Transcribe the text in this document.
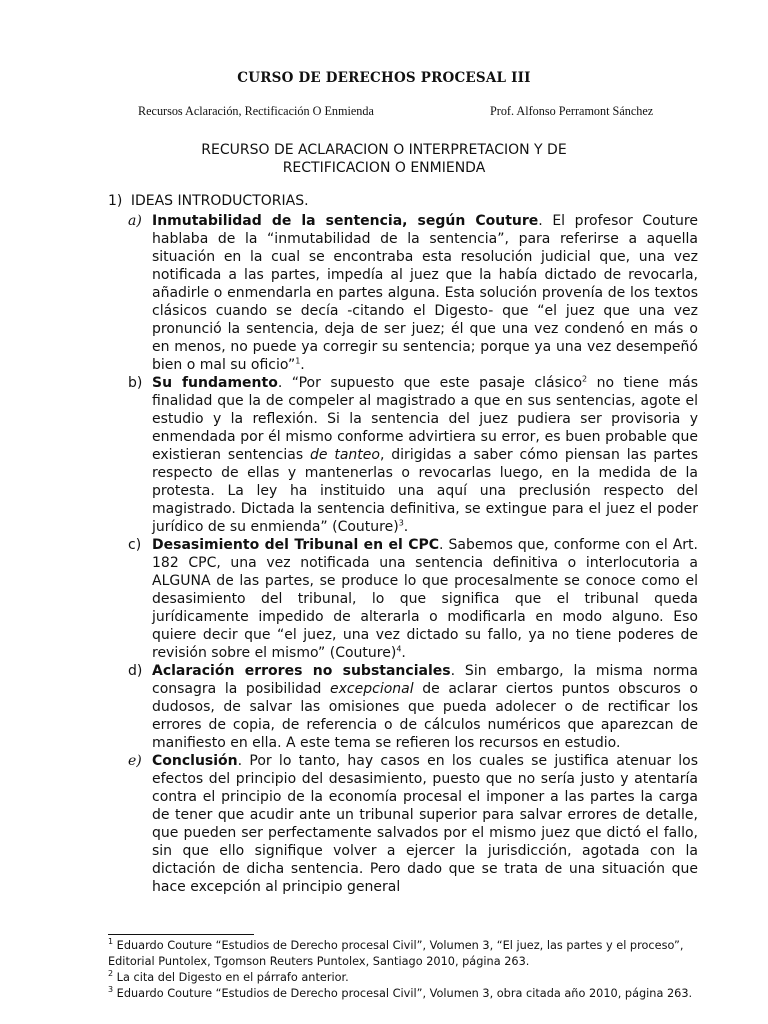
CURSO DE DERECHOS PROCESAL III
Recursos Aclaración, Rectificación O Enmienda	Prof. Alfonso Perramont Sánchez
RECURSO DE ACLARACION O INTERPRETACION Y DE
RECTIFICACION O ENMIENDA
1) IDEAS INTRODUCTORIAS.
a) Inmutabilidad de la sentencia, según Couture. El profesor Couture hablaba de la “inmutabilidad de la sentencia”, para referirse a aquella situación en la cual se encontraba esta resolución judicial que, una vez notificada a las partes, impedía al juez que la había dictado de revocarla, añadirle o enmendarla en partes alguna. Esta solución provenía de los textos clásicos cuando se decía -citando el Digesto- que “el juez que una vez pronunció la sentencia, deja de ser juez; él que una vez condenó en más o en menos, no puede ya corregir su sentencia; porque ya una vez desempeñó bien o mal su oficio”$^1$.
b) Su fundamento. “Por supuesto que este pasaje clásico$^2$ no tiene más finalidad que la de compeler al magistrado a que en sus sentencias, agote el estudio y la reflexión. Si la sentencia del juez pudiera ser provisoria y enmendada por él mismo conforme advirtiera su error, es buen probable que existieran sentencias de tanteo, dirigidas a saber cómo piensan las partes respecto de ellas y mantenerlas o revocarlas luego, en la medida de la protesta. La ley ha instituido una aquí una preclusión respecto del magistrado. Dictada la sentencia definitiva, se extingue para el juez el poder jurídico de su enmienda” (Couture)$^3$.
c) Desasimiento del Tribunal en el CPC. Sabemos que, conforme con el Art. 182 CPC, una vez notificada una sentencia definitiva o interlocutoria a ALGUNA de las partes, se produce lo que procesalmente se conoce como el desasimiento del tribunal, lo que significa que el tribunal queda jurídicamente impedido de alterarla o modificarla en modo alguno. Eso quiere decir que “el juez, una vez dictado su fallo, ya no tiene poderes de revisión sobre el mismo” (Couture)$^4$.
d) Aclaración errores no substanciales. Sin embargo, la misma norma consagra la posibilidad excepcional de aclarar ciertos puntos obscuros o dudosos, de salvar las omisiones que pueda adolecer o de rectificar los errores de copia, de referencia o de cálculos numéricos que aparezcan de manifiesto en ella. A este tema se refieren los recursos en estudio.
e) Conclusión. Por lo tanto, hay casos en los cuales se justifica atenuar los efectos del principio del desasimiento, puesto que no sería justo y atentaría contra el principio de la economía procesal el imponer a las partes la carga de tener que acudir ante un tribunal superior para salvar errores de detalle, que pueden ser perfectamente salvados por el mismo juez que dictó el fallo, sin que ello signifique volver a ejercer la jurisdicción, agotada con la dictación de dicha sentencia. Pero dado que se trata de una situación que hace excepción al principio general

$^1$ Eduardo Couture “Estudios de Derecho procesal Civil”, Volumen 3, “El juez, las partes y el proceso”, Editorial Puntolex, Tgomson Reuters Puntolex, Santiago 2010, página 263.

$^2$ La cita del Digesto en el párrafo anterior.

$^3$ Eduardo Couture “Estudios de Derecho procesal Civil”, Volumen 3, obra citada año 2010, página 263.
